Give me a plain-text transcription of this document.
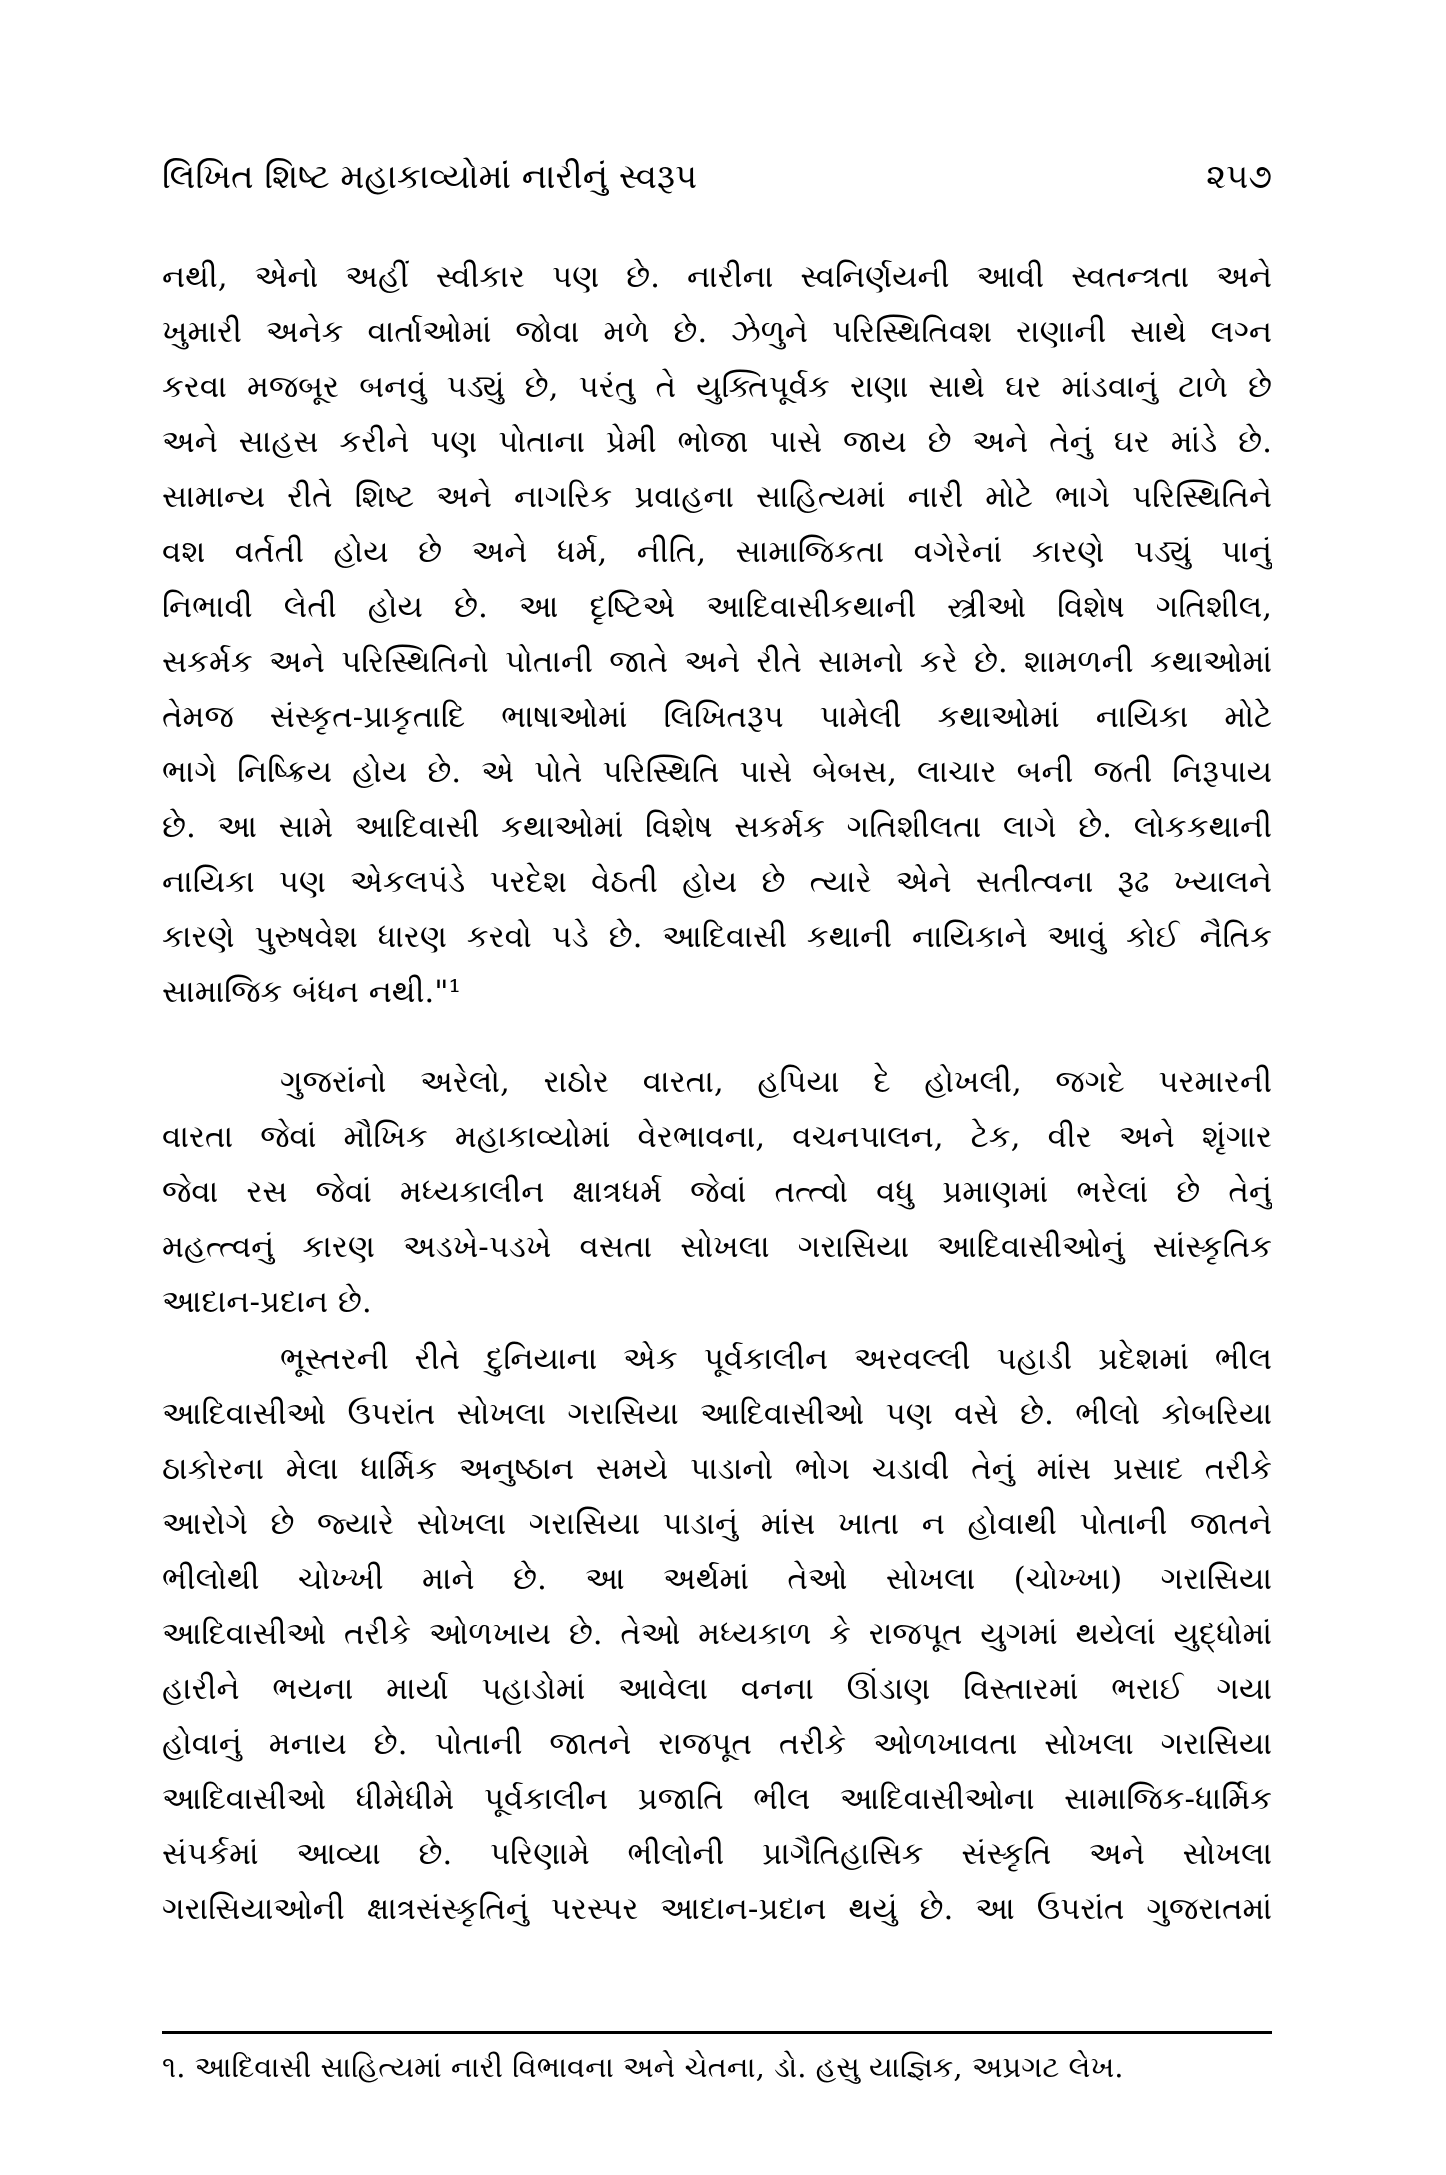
લિખિત શિષ્ટ મહાકાવ્યોમાં નારીનું સ્વરૂપ	૨૫૭
નથી, એનો અહીં સ્વીકાર પણ છે. નારીના સ્વનિર્ણયની આવી સ્વતન્ત્રતા અને
ખુમારી અનેક વાર્તાઓમાં જોવા મળે છે. ઝેળુને પરિસ્થિતિવશ રાણાની સાથે લગ્ન
કરવા મજબૂર બનવું પડ્યું છે, પરંતુ તે યુક્તિપૂર્વક રાણા સાથે ઘર માંડવાનું ટાળે છે
અને સાહસ કરીને પણ પોતાના પ્રેમી ભોજા પાસે જાય છે અને તેનું ઘર માંડે છે.
સામાન્ય રીતે શિષ્ટ અને નાગરિક પ્રવાહના સાહિત્યમાં નારી મોટે ભાગે પરિસ્થિતિને
વશ વર્તતી હોય છે અને ધર્મ, નીતિ, સામાજિકતા વગેરેનાં કારણે પડ્યું પાનું
નિભાવી લેતી હોય છે. આ દૃષ્ટિએ આદિવાસીકથાની સ્ત્રીઓ વિશેષ ગતિશીલ,
સકર્મક અને પરિસ્થિતિનો પોતાની જાતે અને રીતે સામનો કરે છે. શામળની કથાઓમાં
તેમજ સંસ્કૃત-પ્રાકૃતાદિ ભાષાઓમાં લિખિતરૂપ પામેલી કથાઓમાં નાયિકા મોટે
ભાગે નિષ્ક્રિય હોય છે. એ પોતે પરિસ્થિતિ પાસે બેબસ, લાચાર બની જતી નિરૂપાય
છે. આ સામે આદિવાસી કથાઓમાં વિશેષ સકર્મક ગતિશીલતા લાગે છે. લોકકથાની
નાયિકા પણ એકલપંડે પરદેશ વેઠતી હોય છે ત્યારે એને સતીત્વના રૂઢ ખ્યાલને
કારણે પુરુષવેશ ધારણ કરવો પડે છે. આદિવાસી કથાની નાયિકાને આવું કોઈ નૈતિક
સામાજિક બંધન નથી."¹
ગુજરાંનો અરેલો, રાઠોર વારતા, હપિયા દે હોખલી, જગદે પરમારની
વારતા જેવાં મૌખિક મહાકાવ્યોમાં વેરભાવના, વચનપાલન, ટેક, વીર અને શૃંગાર
જેવા રસ જેવાં મધ્યકાલીન ક્ષાત્રધર્મ જેવાં તત્ત્વો વધુ પ્રમાણમાં ભરેલાં છે તેનું
મહત્ત્વનું કારણ અડખે-પડખે વસતા સોખલા ગરાસિયા આદિવાસીઓનું સાંસ્કૃતિક
આદાન-પ્રદાન છે.
ભૂસ્તરની રીતે દુનિયાના એક પૂર્વકાલીન અરવલ્લી પહાડી પ્રદેશમાં ભીલ
આદિવાસીઓ ઉપરાંત સોખલા ગરાસિયા આદિવાસીઓ પણ વસે છે. ભીલો કોબરિયા
ઠાકોરના મેલા ધાર્મિક અનુષ્ઠાન સમયે પાડાનો ભોગ ચડાવી તેનું માંસ પ્રસાદ તરીકે
આરોગે છે જ્યારે સોખલા ગરાસિયા પાડાનું માંસ ખાતા ન હોવાથી પોતાની જાતને
ભીલોથી ચોખ્ખી માને છે. આ અર્થમાં તેઓ સોખલા (ચોખ્ખા) ગરાસિયા
આદિવાસીઓ તરીકે ઓળખાય છે. તેઓ મધ્યકાળ કે રાજપૂત યુગમાં થયેલાં યુદ્ધોમાં
હારીને ભયના માર્યા પહાડોમાં આવેલા વનના ઊંડાણ વિસ્તારમાં ભરાઈ ગયા
હોવાનું મનાય છે. પોતાની જાતને રાજપૂત તરીકે ઓળખાવતા સોખલા ગરાસિયા
આદિવાસીઓ ધીમેધીમે પૂર્વકાલીન પ્રજાતિ ભીલ આદિવાસીઓના સામાજિક-ધાર્મિક
સંપર્કમાં આવ્યા છે. પરિણામે ભીલોની પ્રાગૈતિહાસિક સંસ્કૃતિ અને સોખલા
ગરાસિયાઓની ક્ષાત્રસંસ્કૃતિનું પરસ્પર આદાન-પ્રદાન થયું છે. આ ઉપરાંત ગુજરાતમાં
૧. આદિવાસી સાહિત્યમાં નારી વિભાવના અને ચેતના, ડો. હસુ યાજ્ઞિક, અપ્રગટ લેખ.
